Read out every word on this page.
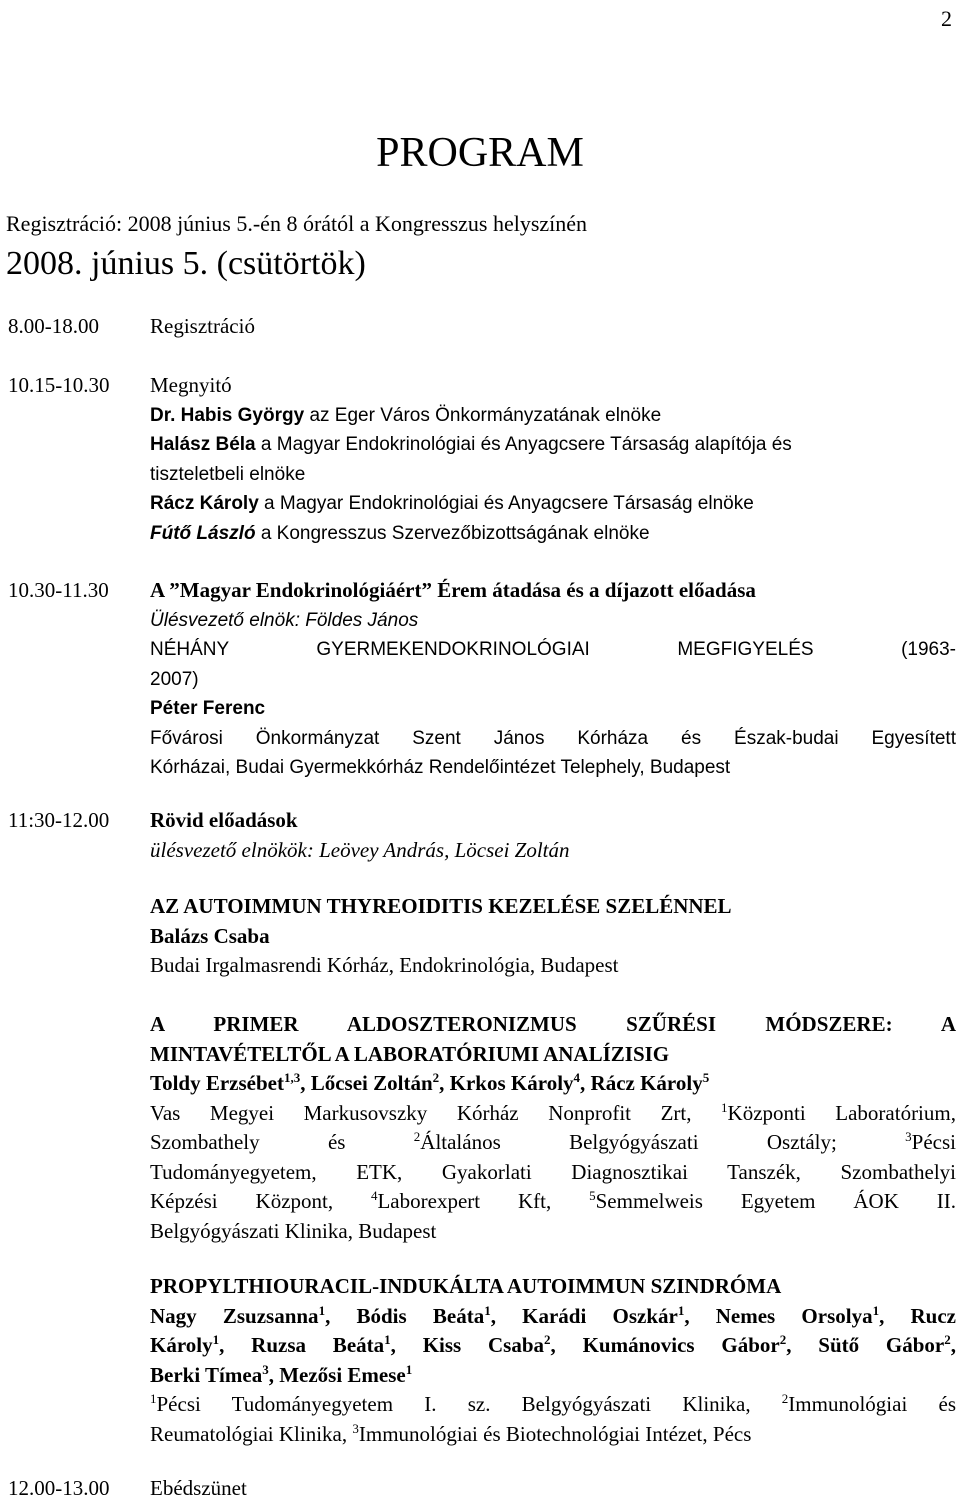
2
PROGRAM
Regisztráció: 2008 június 5.-én 8 órától a Kongresszus helyszínén
2008. június 5. (csütörtök)
8.00-18.00	Regisztráció
10.15-10.30	Megnyitó
Dr. Habis György az Eger Város Önkormányzatának elnöke
Halász Béla a Magyar Endokrinológiai és Anyagcsere Társaság alapítója és
tiszteletbeli elnöke
Rácz Károly a Magyar Endokrinológiai és Anyagcsere Társaság elnöke
Fútő László a Kongresszus Szervezőbizottságának elnöke
10.30-11.30	A ”Magyar Endokrinológiáért” Érem átadása és a díjazott előadása
Ülésvezető elnök: Földes János
NÉHÁNY GYERMEKENDOKRINOLÓGIAI MEGFIGYELÉS (1963-
2007)
Péter Ferenc
Fővárosi Önkormányzat Szent János Kórháza és Észak-budai Egyesített
Kórházai, Budai Gyermekkórház Rendelőintézet Telephely, Budapest
11:30-12.00	Rövid előadások
ülésvezető elnökök: Leövey András, Löcsei Zoltán
AZ AUTOIMMUN THYREOIDITIS KEZELÉSE SZELÉNNEL
Balázs Csaba
Budai Irgalmasrendi Kórház, Endokrinológia, Budapest
A PRIMER ALDOSZTERONIZMUS SZŰRÉSI MÓDSZERE: A
MINTAVÉTELTŐL A LABORATÓRIUMI ANALÍZISIG
Toldy Erzsébet$^{1,3}$, Lőcsei Zoltán$^2$, Krkos Károly$^4$, Rácz Károly$^5$
Vas Megyei Markusovszky Kórház Nonprofit Zrt, $^1$Központi Laboratórium,
Szombathely és $^2$Általános Belgyógyászati Osztály; $^3$Pécsi
Tudományegyetem, ETK, Gyakorlati Diagnosztikai Tanszék, Szombathelyi
Képzési Központ, $^4$Laborexpert Kft, $^5$Semmelweis Egyetem ÁOK II.
Belgyógyászati Klinika, Budapest
PROPYLTHIOURACIL-INDUKÁLTA AUTOIMMUN SZINDRÓMA
Nagy Zsuzsanna$^1$, Bódis Beáta$^1$, Karádi Oszkár$^1$, Nemes Orsolya$^1$, Rucz
Károly$^1$, Ruzsa Beáta$^1$, Kiss Csaba$^2$, Kumánovics Gábor$^2$, Sütő Gábor$^2$,
Berki Tímea$^3$, Mezősi Emese$^1$
$^1$Pécsi Tudományegyetem I. sz. Belgyógyászati Klinika, $^2$Immunológiai és
Reumatológiai Klinika, $^3$Immunológiai és Biotechnológiai Intézet, Pécs
12.00-13.00	Ebédszünet
